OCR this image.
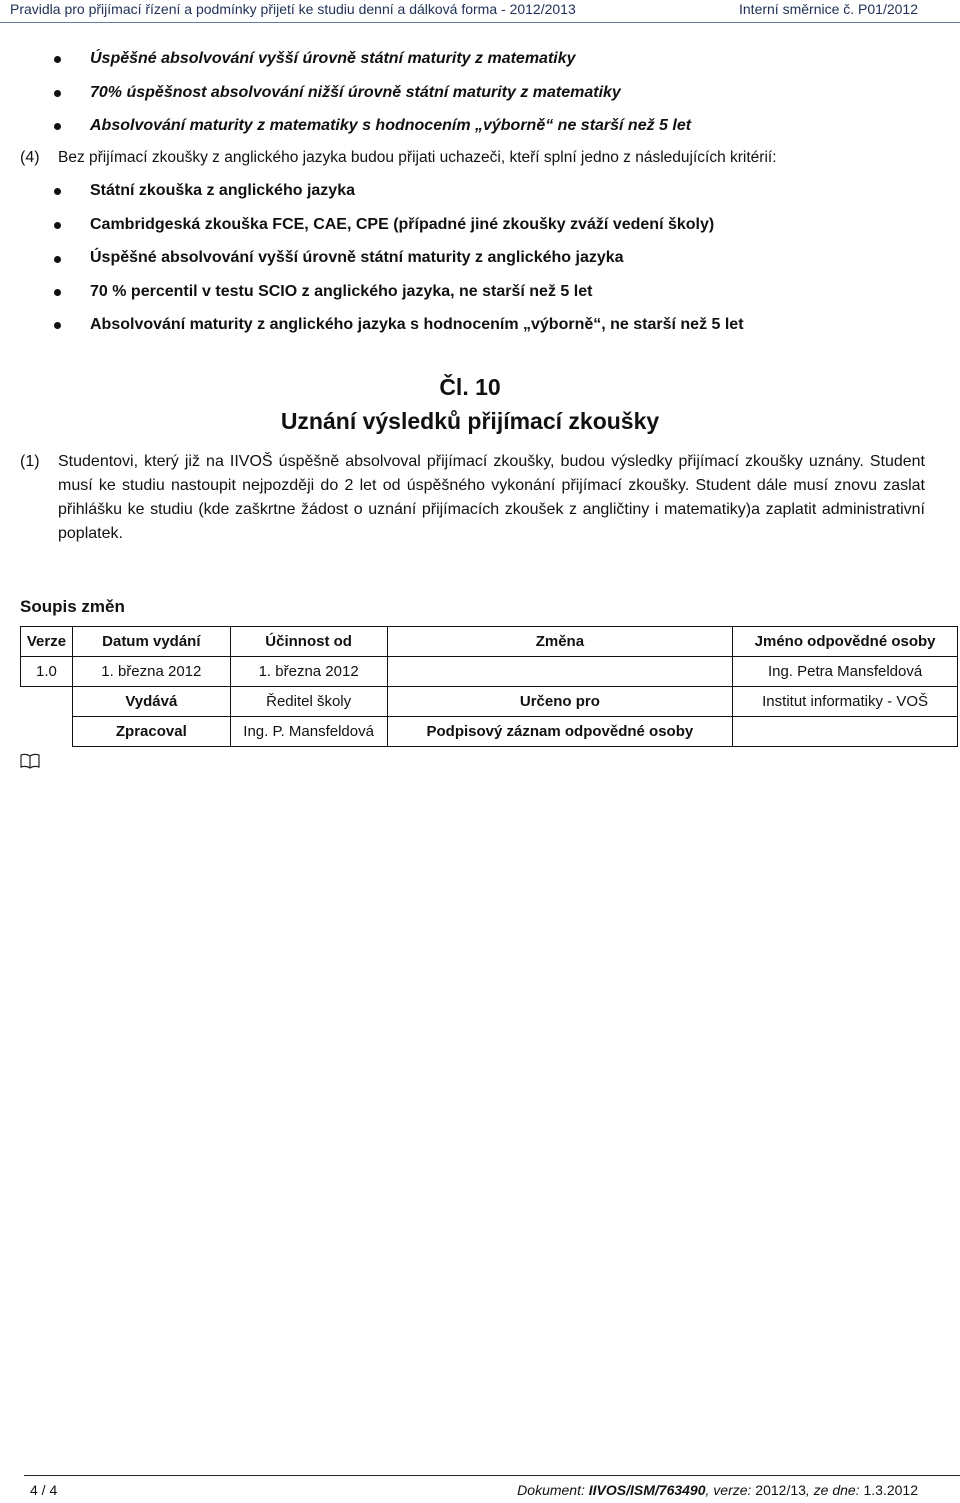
Pravidla pro přijímací řízení a podmínky přijetí ke studiu denní a dálková forma - 2012/2013	Interní směrnice č. P01/2012
Úspěšné absolvování vyšší úrovně státní maturity z matematiky
70% úspěšnost absolvování nižší úrovně státní maturity z matematiky
Absolvování maturity z matematiky s hodnocením „výborně“ ne starší než 5 let
(4) Bez přijímací zkoušky z anglického jazyka budou přijati uchazeči, kteří splní jedno z následujících kritérií:
Státní zkouška z anglického jazyka
Cambridgeská zkouška FCE, CAE, CPE (případné jiné zkoušky zváží vedení školy)
Úspěšné absolvování vyšší úrovně státní maturity z anglického jazyka
70 % percentil v testu SCIO z anglického jazyka, ne starší než 5 let
Absolvování maturity z anglického jazyka s hodnocením „výborně“, ne starší než 5 let
Čl. 10
Uznání výsledků přijímací zkoušky
(1) Studentovi, který již na IIVOŠ úspěšně absolvoval přijímací zkoušky, budou výsledky přijímací zkoušky uznány. Student musí ke studiu nastoupit nejpozději do 2 let od úspěšného vykonání přijímací zkoušky. Student dále musí znovu zaslat přihlášku ke studiu (kde zaškrtne žádost o uznání přijímacích zkoušek z angličtiny i matematiky)a zaplatit administrativní poplatek.
Soupis změn
Verze	Datum vydání	Účinnost od	Změna	Jméno odpovědné osoby
1.0	1. března 2012	1. března 2012		Ing. Petra Mansfeldová
	Vydává	Ředitel školy	Určeno pro	Institut informatiky - VOŠ
	Zpracoval	Ing. P. Mansfeldová	Podpisový záznam odpovědné osoby	
4 / 4	Dokument: IIVOS/ISM/763490, verze: 2012/13, ze dne: 1.3.2012
